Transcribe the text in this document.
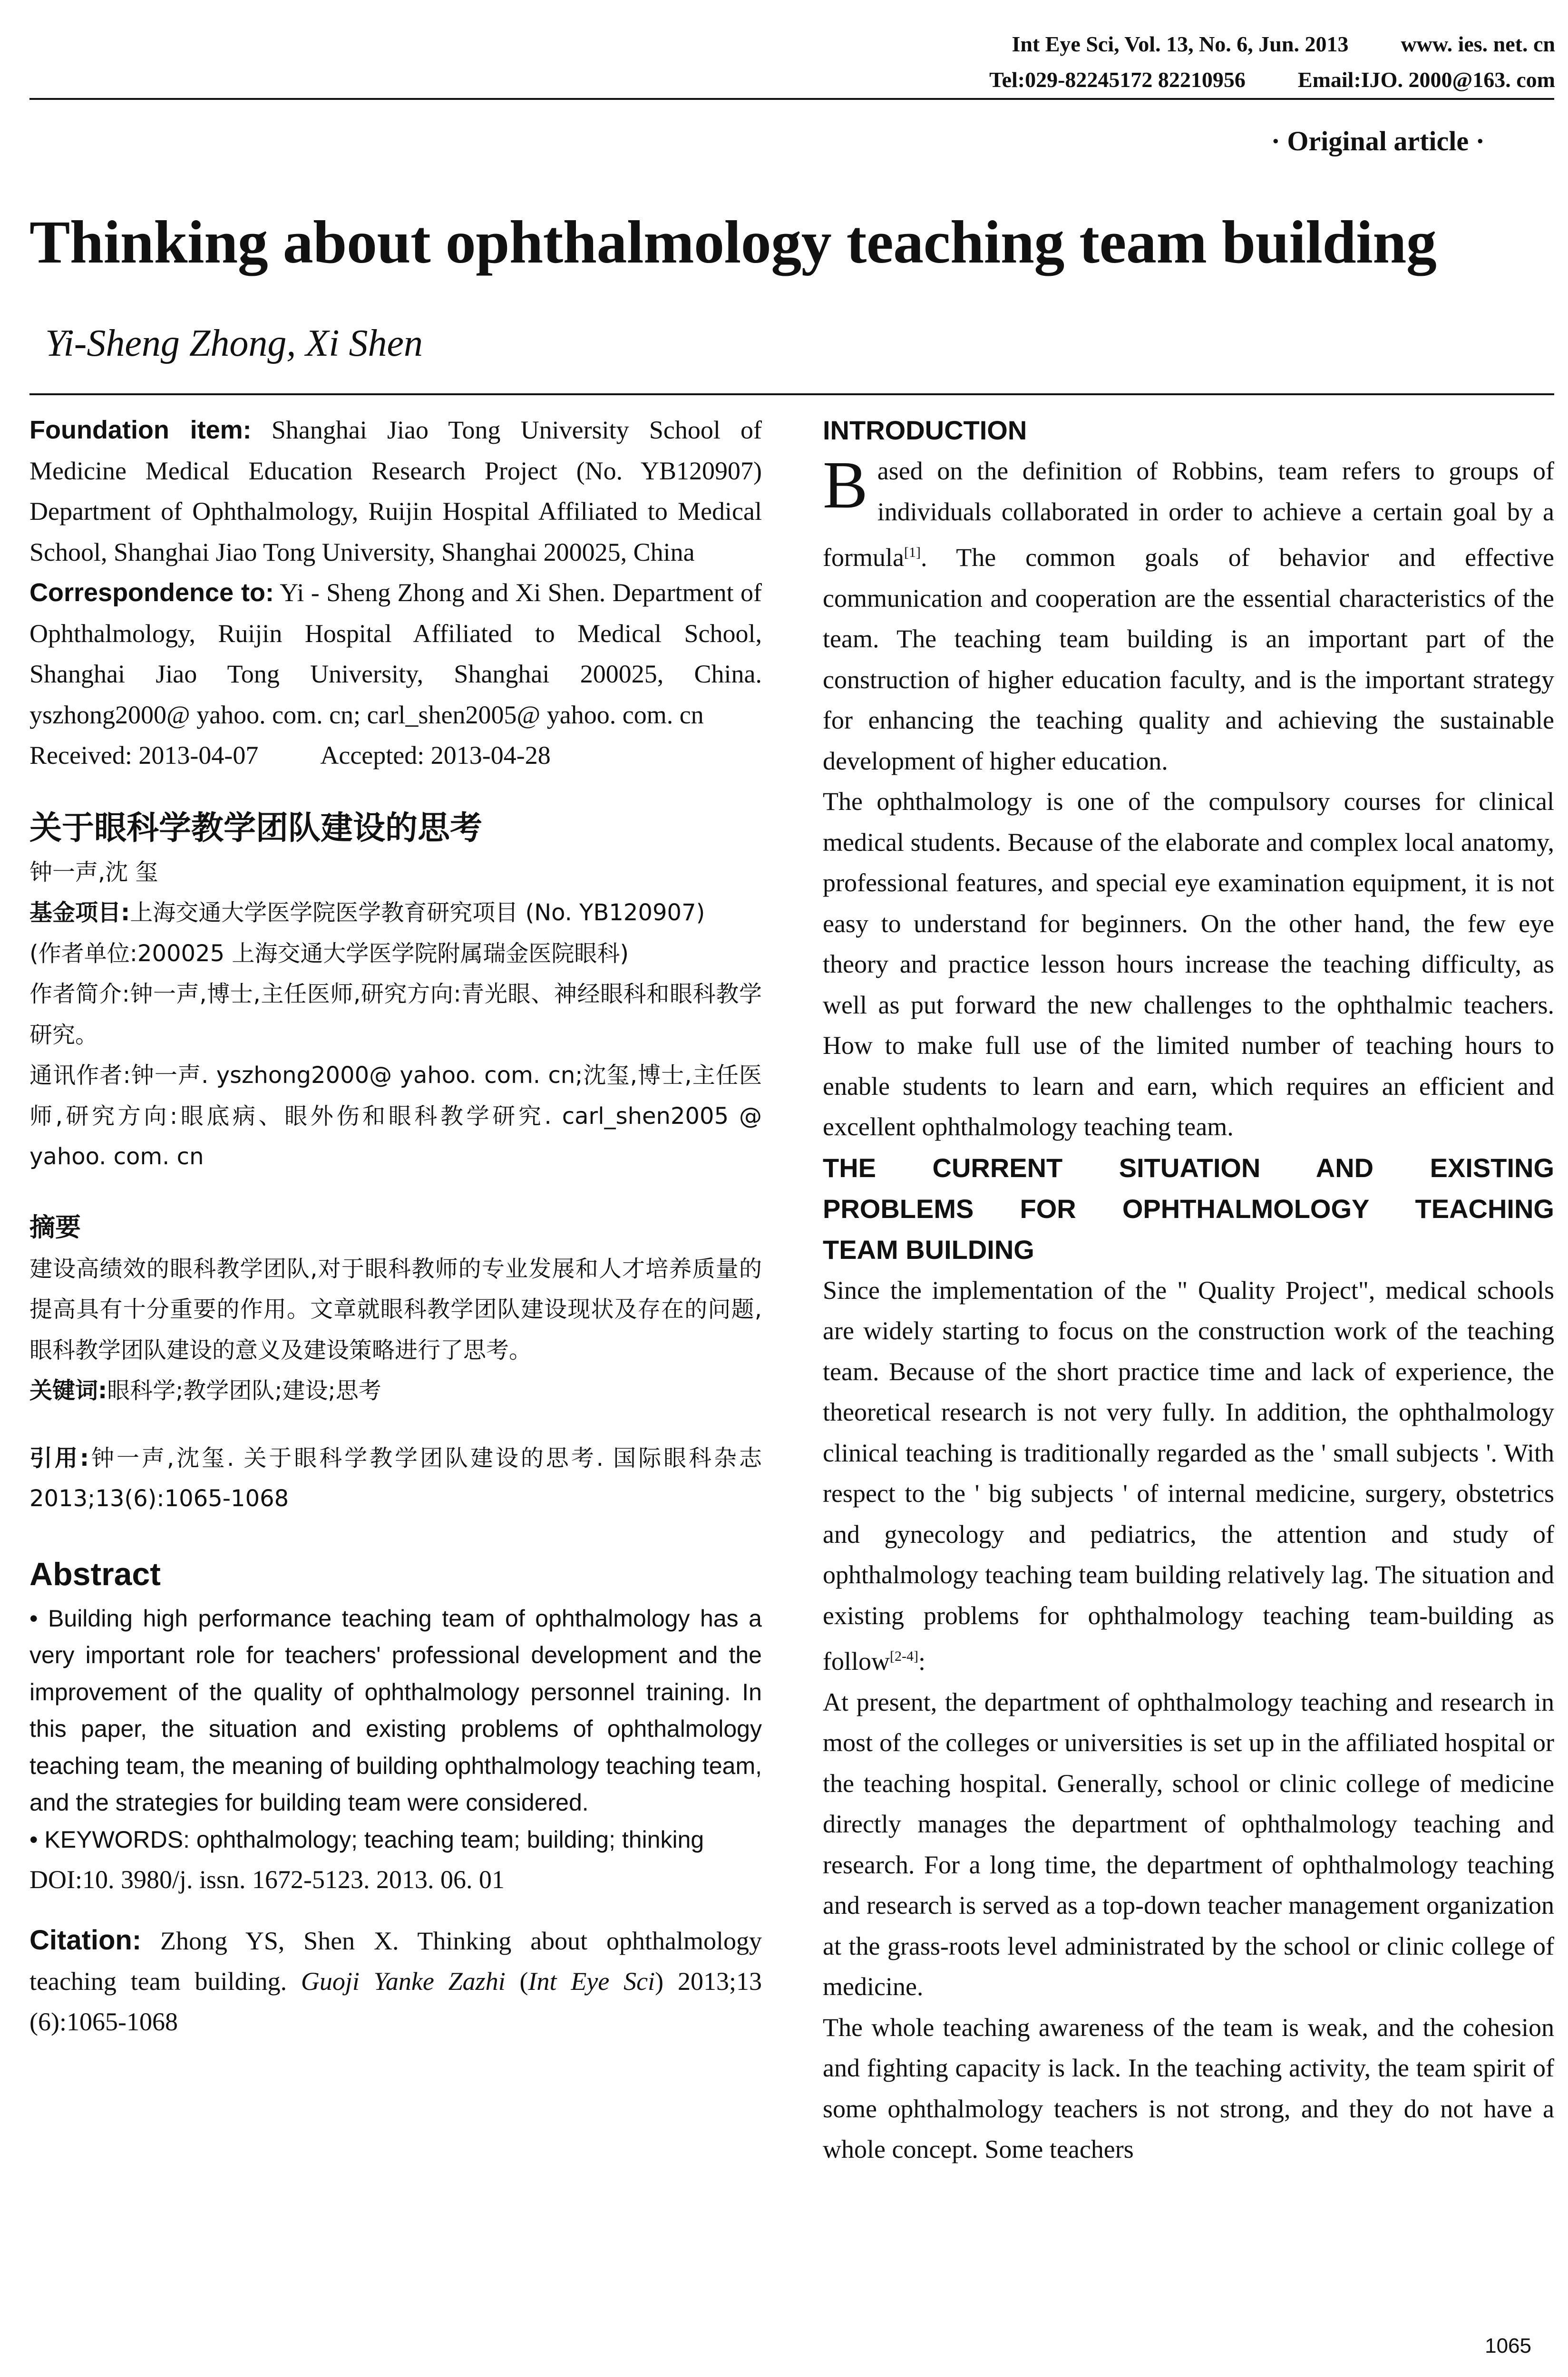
Int Eye Sci, Vol. 13, No. 6, Jun. 2013 www. ies. net. cn
Tel:029-82245172 82210956 Email:IJO. 2000@163. com
· Original article ·
Thinking about ophthalmology teaching team building
Yi-Sheng Zhong, Xi Shen

Foundation item: Shanghai Jiao Tong University School of Medicine Medical Education Research Project (No. YB120907) Department of Ophthalmology, Ruijin Hospital Affiliated to Medical School, Shanghai Jiao Tong University, Shanghai 200025, China

Correspondence to: Yi - Sheng Zhong and Xi Shen. Department of Ophthalmology, Ruijin Hospital Affiliated to Medical School, Shanghai Jiao Tong University, Shanghai 200025, China. yszhong2000@ yahoo. com. cn; carl_shen2005@ yahoo. com. cn

Received: 2013-04-07 Accepted: 2013-04-28

关于眼科学教学团队建设的思考

钟一声,沈 玺

基金项目:上海交通大学医学院医学教育研究项目 (No. YB120907)

(作者单位:200025 上海交通大学医学院附属瑞金医院眼科)

作者简介:钟一声,博士,主任医师,研究方向:青光眼、神经眼科和眼科教学研究。

通讯作者:钟一声. yszhong2000@ yahoo. com. cn;沈玺,博士,主任医师,研究方向:眼底病、眼外伤和眼科教学研究. carl_shen2005 @ yahoo. com. cn

摘要

建设高绩效的眼科教学团队,对于眼科教师的专业发展和人才培养质量的提高具有十分重要的作用。文章就眼科教学团队建设现状及存在的问题,眼科教学团队建设的意义及建设策略进行了思考。

关键词:眼科学;教学团队;建设;思考

引用:钟一声,沈玺. 关于眼科学教学团队建设的思考. 国际眼科杂志 2013;13(6):1065-1068

Abstract

• Building high performance teaching team of ophthalmology has a very important role for teachers' professional development and the improvement of the quality of ophthalmology personnel training. In this paper, the situation and existing problems of ophthalmology teaching team, the meaning of building ophthalmology teaching team, and the strategies for building team were considered.

• KEYWORDS: ophthalmology; teaching team; building; thinking

DOI:10. 3980/j. issn. 1672-5123. 2013. 06. 01

Citation: Zhong YS, Shen X. Thinking about ophthalmology teaching team building. Guoji Yanke Zazhi (Int Eye Sci) 2013;13 (6):1065-1068

INTRODUCTION

Based on the definition of Robbins, team refers to groups of individuals collaborated in order to achieve a certain goal by a formula[1]. The common goals of behavior and effective communication and cooperation are the essential characteristics of the team. The teaching team building is an important part of the construction of higher education faculty, and is the important strategy for enhancing the teaching quality and achieving the sustainable development of higher education.

The ophthalmology is one of the compulsory courses for clinical medical students. Because of the elaborate and complex local anatomy, professional features, and special eye examination equipment, it is not easy to understand for beginners. On the other hand, the few eye theory and practice lesson hours increase the teaching difficulty, as well as put forward the new challenges to the ophthalmic teachers. How to make full use of the limited number of teaching hours to enable students to learn and earn, which requires an efficient and excellent ophthalmology teaching team.

THE CURRENT SITUATION AND EXISTING

PROBLEMS FOR OPHTHALMOLOGY TEACHING

TEAM BUILDING

Since the implementation of the " Quality Project", medical schools are widely starting to focus on the construction work of the teaching team. Because of the short practice time and lack of experience, the theoretical research is not very fully. In addition, the ophthalmology clinical teaching is traditionally regarded as the ' small subjects '. With respect to the ' big subjects ' of internal medicine, surgery, obstetrics and gynecology and pediatrics, the attention and study of ophthalmology teaching team building relatively lag. The situation and existing problems for ophthalmology teaching team-building as follow[2-4]:

At present, the department of ophthalmology teaching and research in most of the colleges or universities is set up in the affiliated hospital or the teaching hospital. Generally, school or clinic college of medicine directly manages the department of ophthalmology teaching and research. For a long time, the department of ophthalmology teaching and research is served as a top-down teacher management organization at the grass-roots level administrated by the school or clinic college of medicine.

The whole teaching awareness of the team is weak, and the cohesion and fighting capacity is lack. In the teaching activity, the team spirit of some ophthalmology teachers is not strong, and they do not have a whole concept. Some teachers

1065
